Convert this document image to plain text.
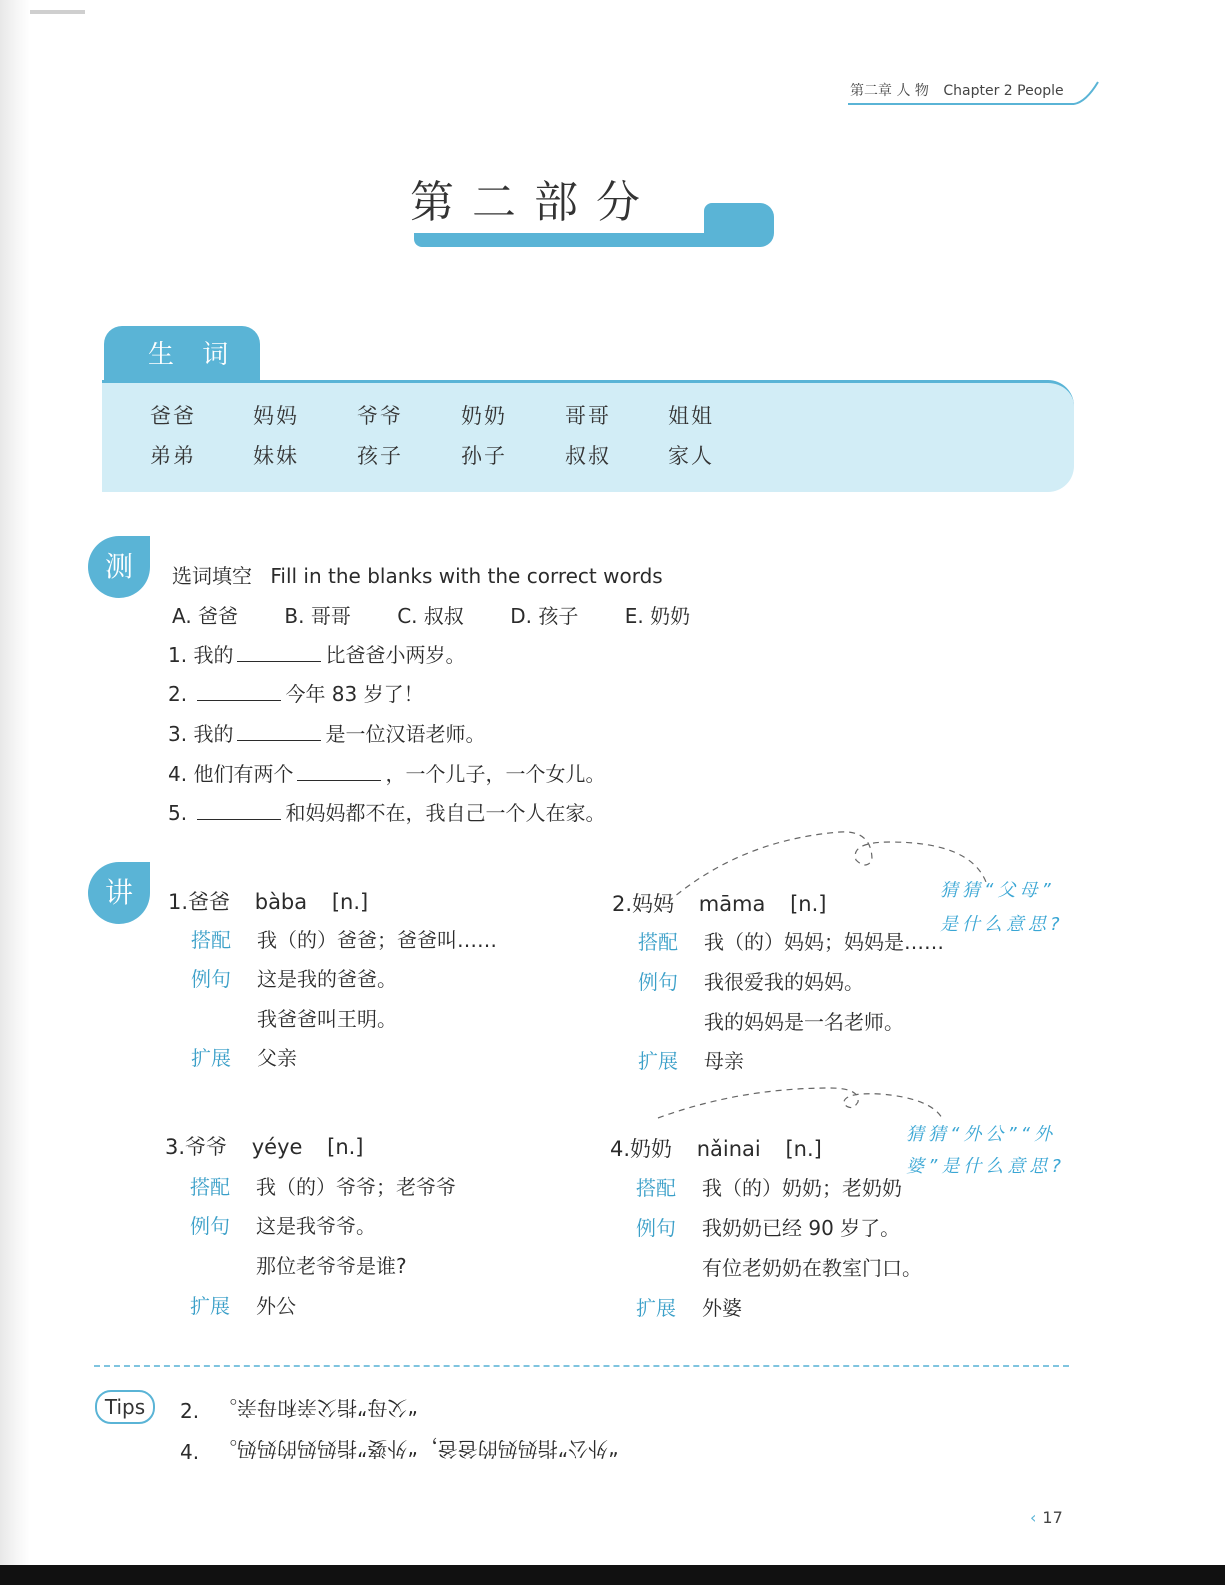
第二章 人 物 Chapter 2 People
第二部分
生 词
爸爸	妈妈	爷爷	奶奶	哥哥	姐姐
弟弟	妹妹	孩子	孙子	叔叔	家人
测	选词填空 Fill in the blanks with the correct words
A. 爸爸 B. 哥哥 C. 叔叔 D. 孩子 E. 奶奶
1. 我的	比爸爸小两岁。
2.	今年 83 岁了！
3. 我的	是一位汉语老师。
4. 他们有两个	，一个儿子，一个女儿。
5.	和妈妈都不在，我自己一个人在家。
讲	1.爸爸 bàba [n.]
搭配 我（的）爸爸；爸爸叫……
例句 这是我的爸爸。
我爸爸叫王明。
扩展 父亲
2.妈妈 māma [n.]
搭配 我（的）妈妈；妈妈是……
例句 我很爱我的妈妈。
我的妈妈是一名老师。
扩展 母亲
3.爷爷 yéye [n.]
搭配 我（的）爷爷；老爷爷
例句 这是我爷爷。
那位老爷爷是谁?
扩展 外公
4.奶奶 nǎinai [n.]
搭配 我（的）奶奶；老奶奶
例句 我奶奶已经 90 岁了。
有位老奶奶在教室门口。
扩展 外婆
猜猜“父母”
是什么意思?
猜猜“外公”“外
婆”是什么意思?
Tips	2. “父母”指父亲和母亲。
4. “外公”指妈妈的爸爸，“外婆”指妈妈的妈妈。
‹ 17
